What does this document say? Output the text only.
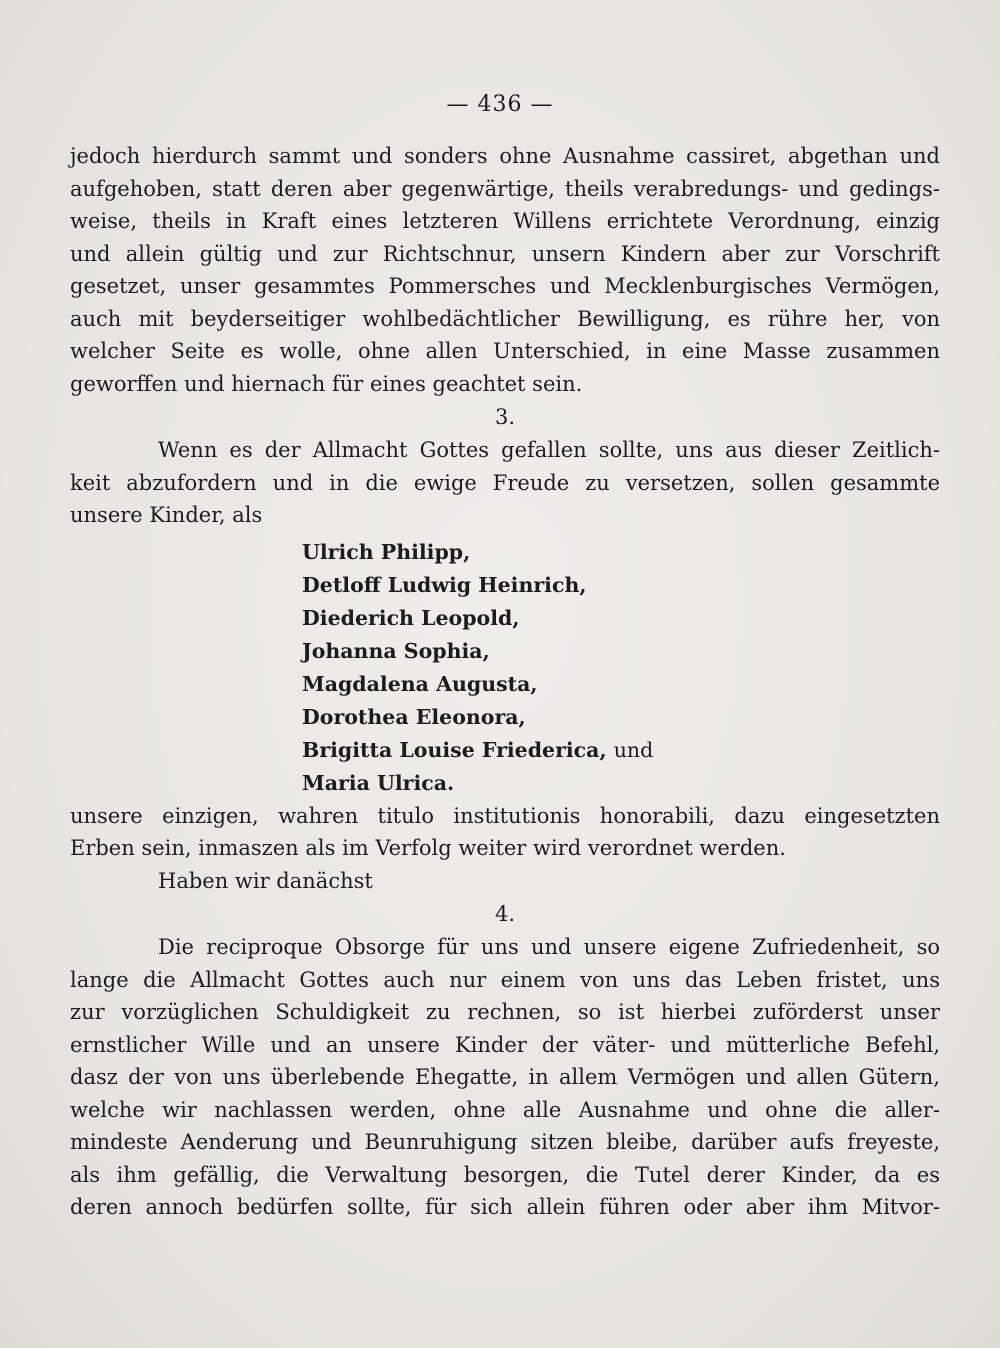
— 436 —
jedoch hierdurch sammt und sonders ohne Ausnahme cassiret, abgethan und
aufgehoben, statt deren aber gegenwärtige, theils verabredungs- und gedings-
weise, theils in Kraft eines letzteren Willens errichtete Verordnung, einzig
und allein gültig und zur Richtschnur, unsern Kindern aber zur Vorschrift
gesetzet, unser gesammtes Pommersches und Mecklenburgisches Vermögen,
auch mit beyderseitiger wohlbedächtlicher Bewilligung, es rühre her, von
welcher Seite es wolle, ohne allen Unterschied, in eine Masse zusammen
geworffen und hiernach für eines geachtet sein.
3.
Wenn es der Allmacht Gottes gefallen sollte, uns aus dieser Zeitlich-
keit abzufordern und in die ewige Freude zu versetzen, sollen gesammte
unsere Kinder, als
Ulrich Philipp,
Detloff Ludwig Heinrich,
Diederich Leopold,
Johanna Sophia,
Magdalena Augusta,
Dorothea Eleonora,
Brigitta Louise Friederica, und
Maria Ulrica.
unsere einzigen, wahren titulo institutionis honorabili, dazu eingesetzten
Erben sein, inmaszen als im Verfolg weiter wird verordnet werden.
Haben wir danächst
4.
Die reciproque Obsorge für uns und unsere eigene Zufriedenheit, so
lange die Allmacht Gottes auch nur einem von uns das Leben fristet, uns
zur vorzüglichen Schuldigkeit zu rechnen, so ist hierbei zuförderst unser
ernstlicher Wille und an unsere Kinder der väter- und mütterliche Befehl,
dasz der von uns überlebende Ehegatte, in allem Vermögen und allen Gütern,
welche wir nachlassen werden, ohne alle Ausnahme und ohne die aller-
mindeste Aenderung und Beunruhigung sitzen bleibe, darüber aufs freyeste,
als ihm gefällig, die Verwaltung besorgen, die Tutel derer Kinder, da es
deren annoch bedürfen sollte, für sich allein führen oder aber ihm Mitvor-
